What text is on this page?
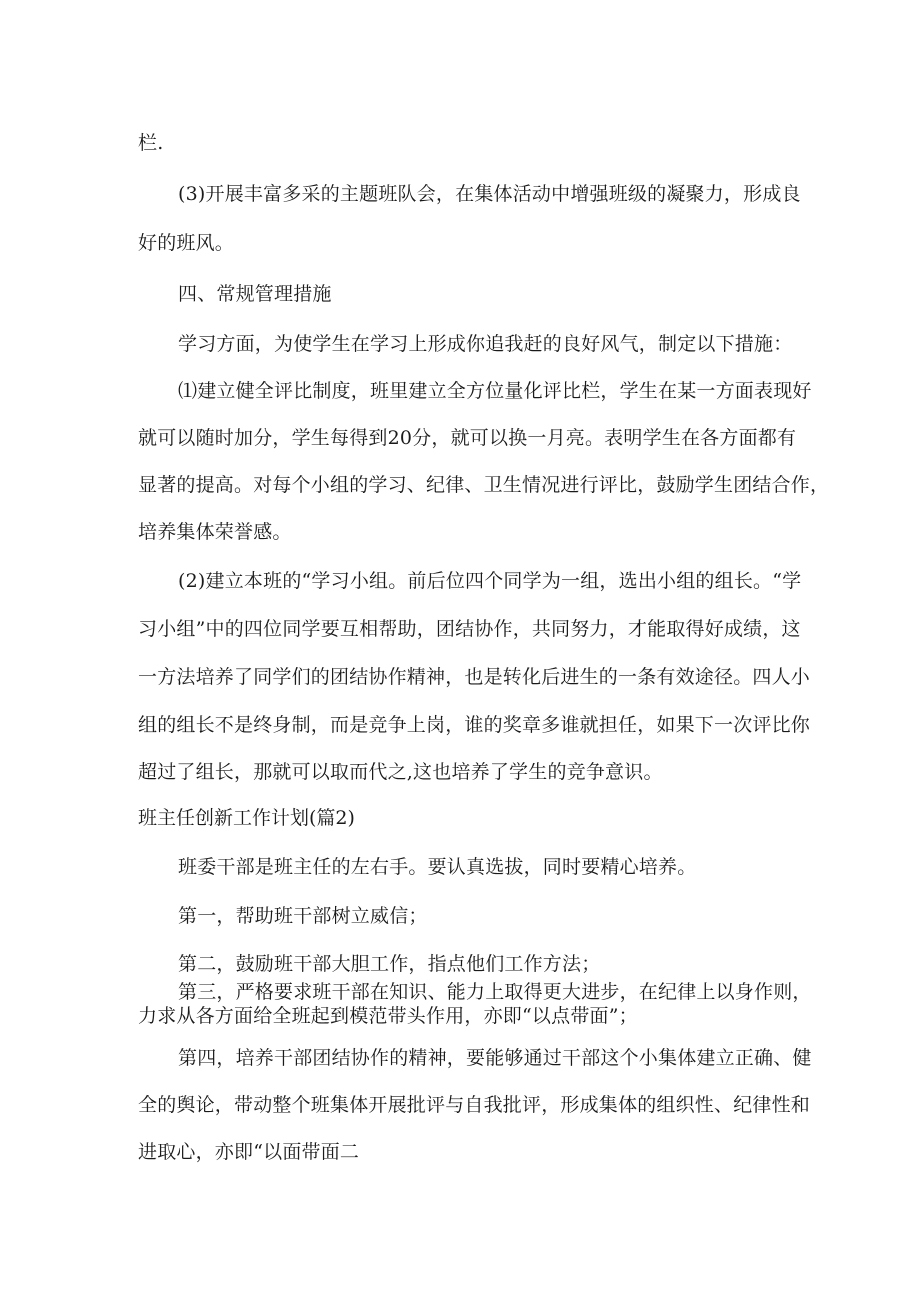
栏.
(3)开展丰富多采的主题班队会，在集体活动中增强班级的凝聚力，形成良
好的班风。
四、常规管理措施
学习方面，为使学生在学习上形成你追我赶的良好风气，制定以下措施：
⑴建立健全评比制度，班里建立全方位量化评比栏，学生在某一方面表现好
就可以随时加分，学生每得到20分，就可以换一月亮。表明学生在各方面都有
显著的提高。对每个小组的学习、纪律、卫生情况进行评比，鼓励学生团结合作，
培养集体荣誉感。
(2)建立本班的“学习小组。前后位四个同学为一组，选出小组的组长。“学
习小组”中的四位同学要互相帮助，团结协作，共同努力，才能取得好成绩，这
一方法培养了同学们的团结协作精神，也是转化后进生的一条有效途径。四人小
组的组长不是终身制，而是竞争上岗，谁的奖章多谁就担任，如果下一次评比你
超过了组长，那就可以取而代之,这也培养了学生的竞争意识。
班主任创新工作计划(篇2)
班委干部是班主任的左右手。要认真选拔，同时要精心培养。
第一，帮助班干部树立威信；
第二，鼓励班干部大胆工作，指点他们工作方法；
第三，严格要求班干部在知识、能力上取得更大进步，在纪律上以身作则，
力求从各方面给全班起到模范带头作用，亦即“以点带面”；
第四，培养干部团结协作的精神，要能够通过干部这个小集体建立正确、健
全的舆论，带动整个班集体开展批评与自我批评，形成集体的组织性、纪律性和
进取心，亦即“以面带面二
